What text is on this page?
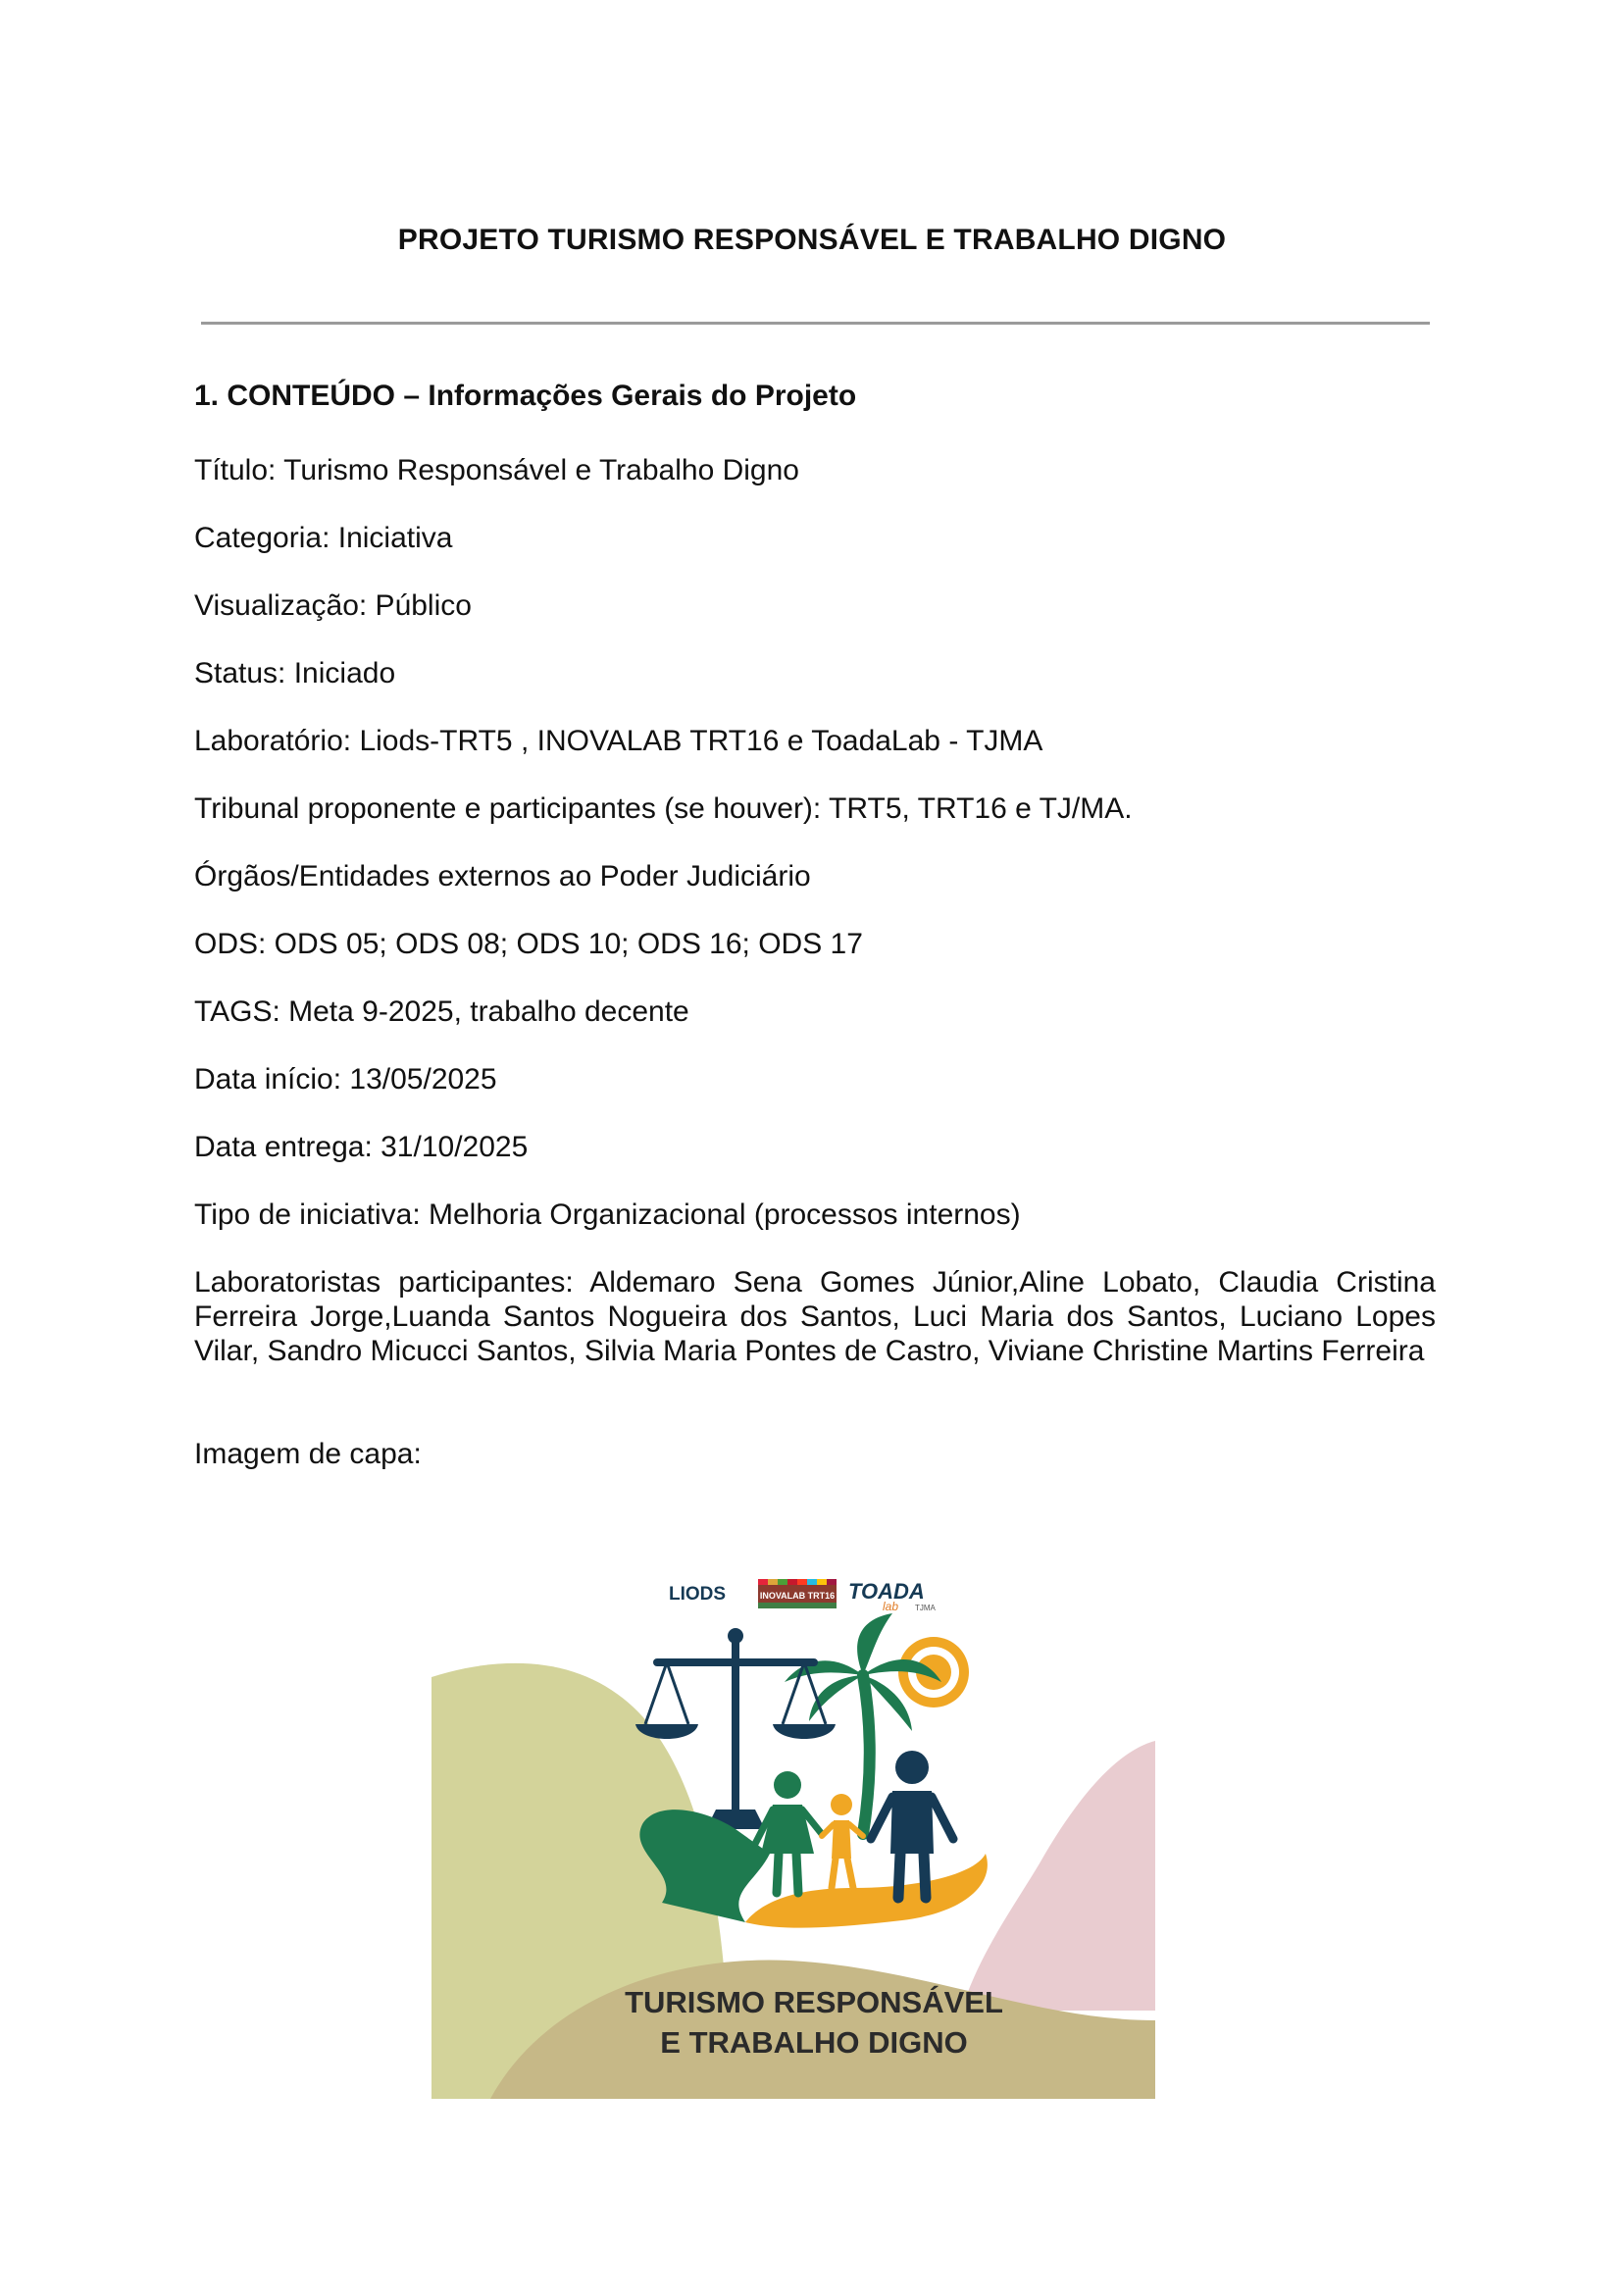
PROJETO TURISMO RESPONSÁVEL E TRABALHO DIGNO
1. CONTEÚDO – Informações Gerais do Projeto
Título: Turismo Responsável e Trabalho Digno
Categoria: Iniciativa
Visualização: Público
Status: Iniciado
Laboratório: Liods-TRT5 , INOVALAB TRT16 e ToadaLab - TJMA
Tribunal proponente e participantes (se houver): TRT5, TRT16 e TJ/MA.
Órgãos/Entidades externos ao Poder Judiciário
ODS: ODS 05; ODS 08; ODS 10; ODS 16; ODS 17
TAGS: Meta 9-2025, trabalho decente
Data início: 13/05/2025
Data entrega: 31/10/2025
Tipo de iniciativa: Melhoria Organizacional (processos internos)
Laboratoristas participantes: Aldemaro Sena Gomes Júnior,Aline Lobato, Claudia Cristina Ferreira Jorge,Luanda Santos Nogueira dos Santos, Luci Maria dos Santos, Luciano Lopes Vilar, Sandro Micucci Santos, Silvia Maria Pontes de Castro, Viviane Christine Martins Ferreira
Imagem de capa:
LIODS	INOVALAB TRT16 TOADA
lab TJMA
TURISMO RESPONSÁVEL
E TRABALHO DIGNO
